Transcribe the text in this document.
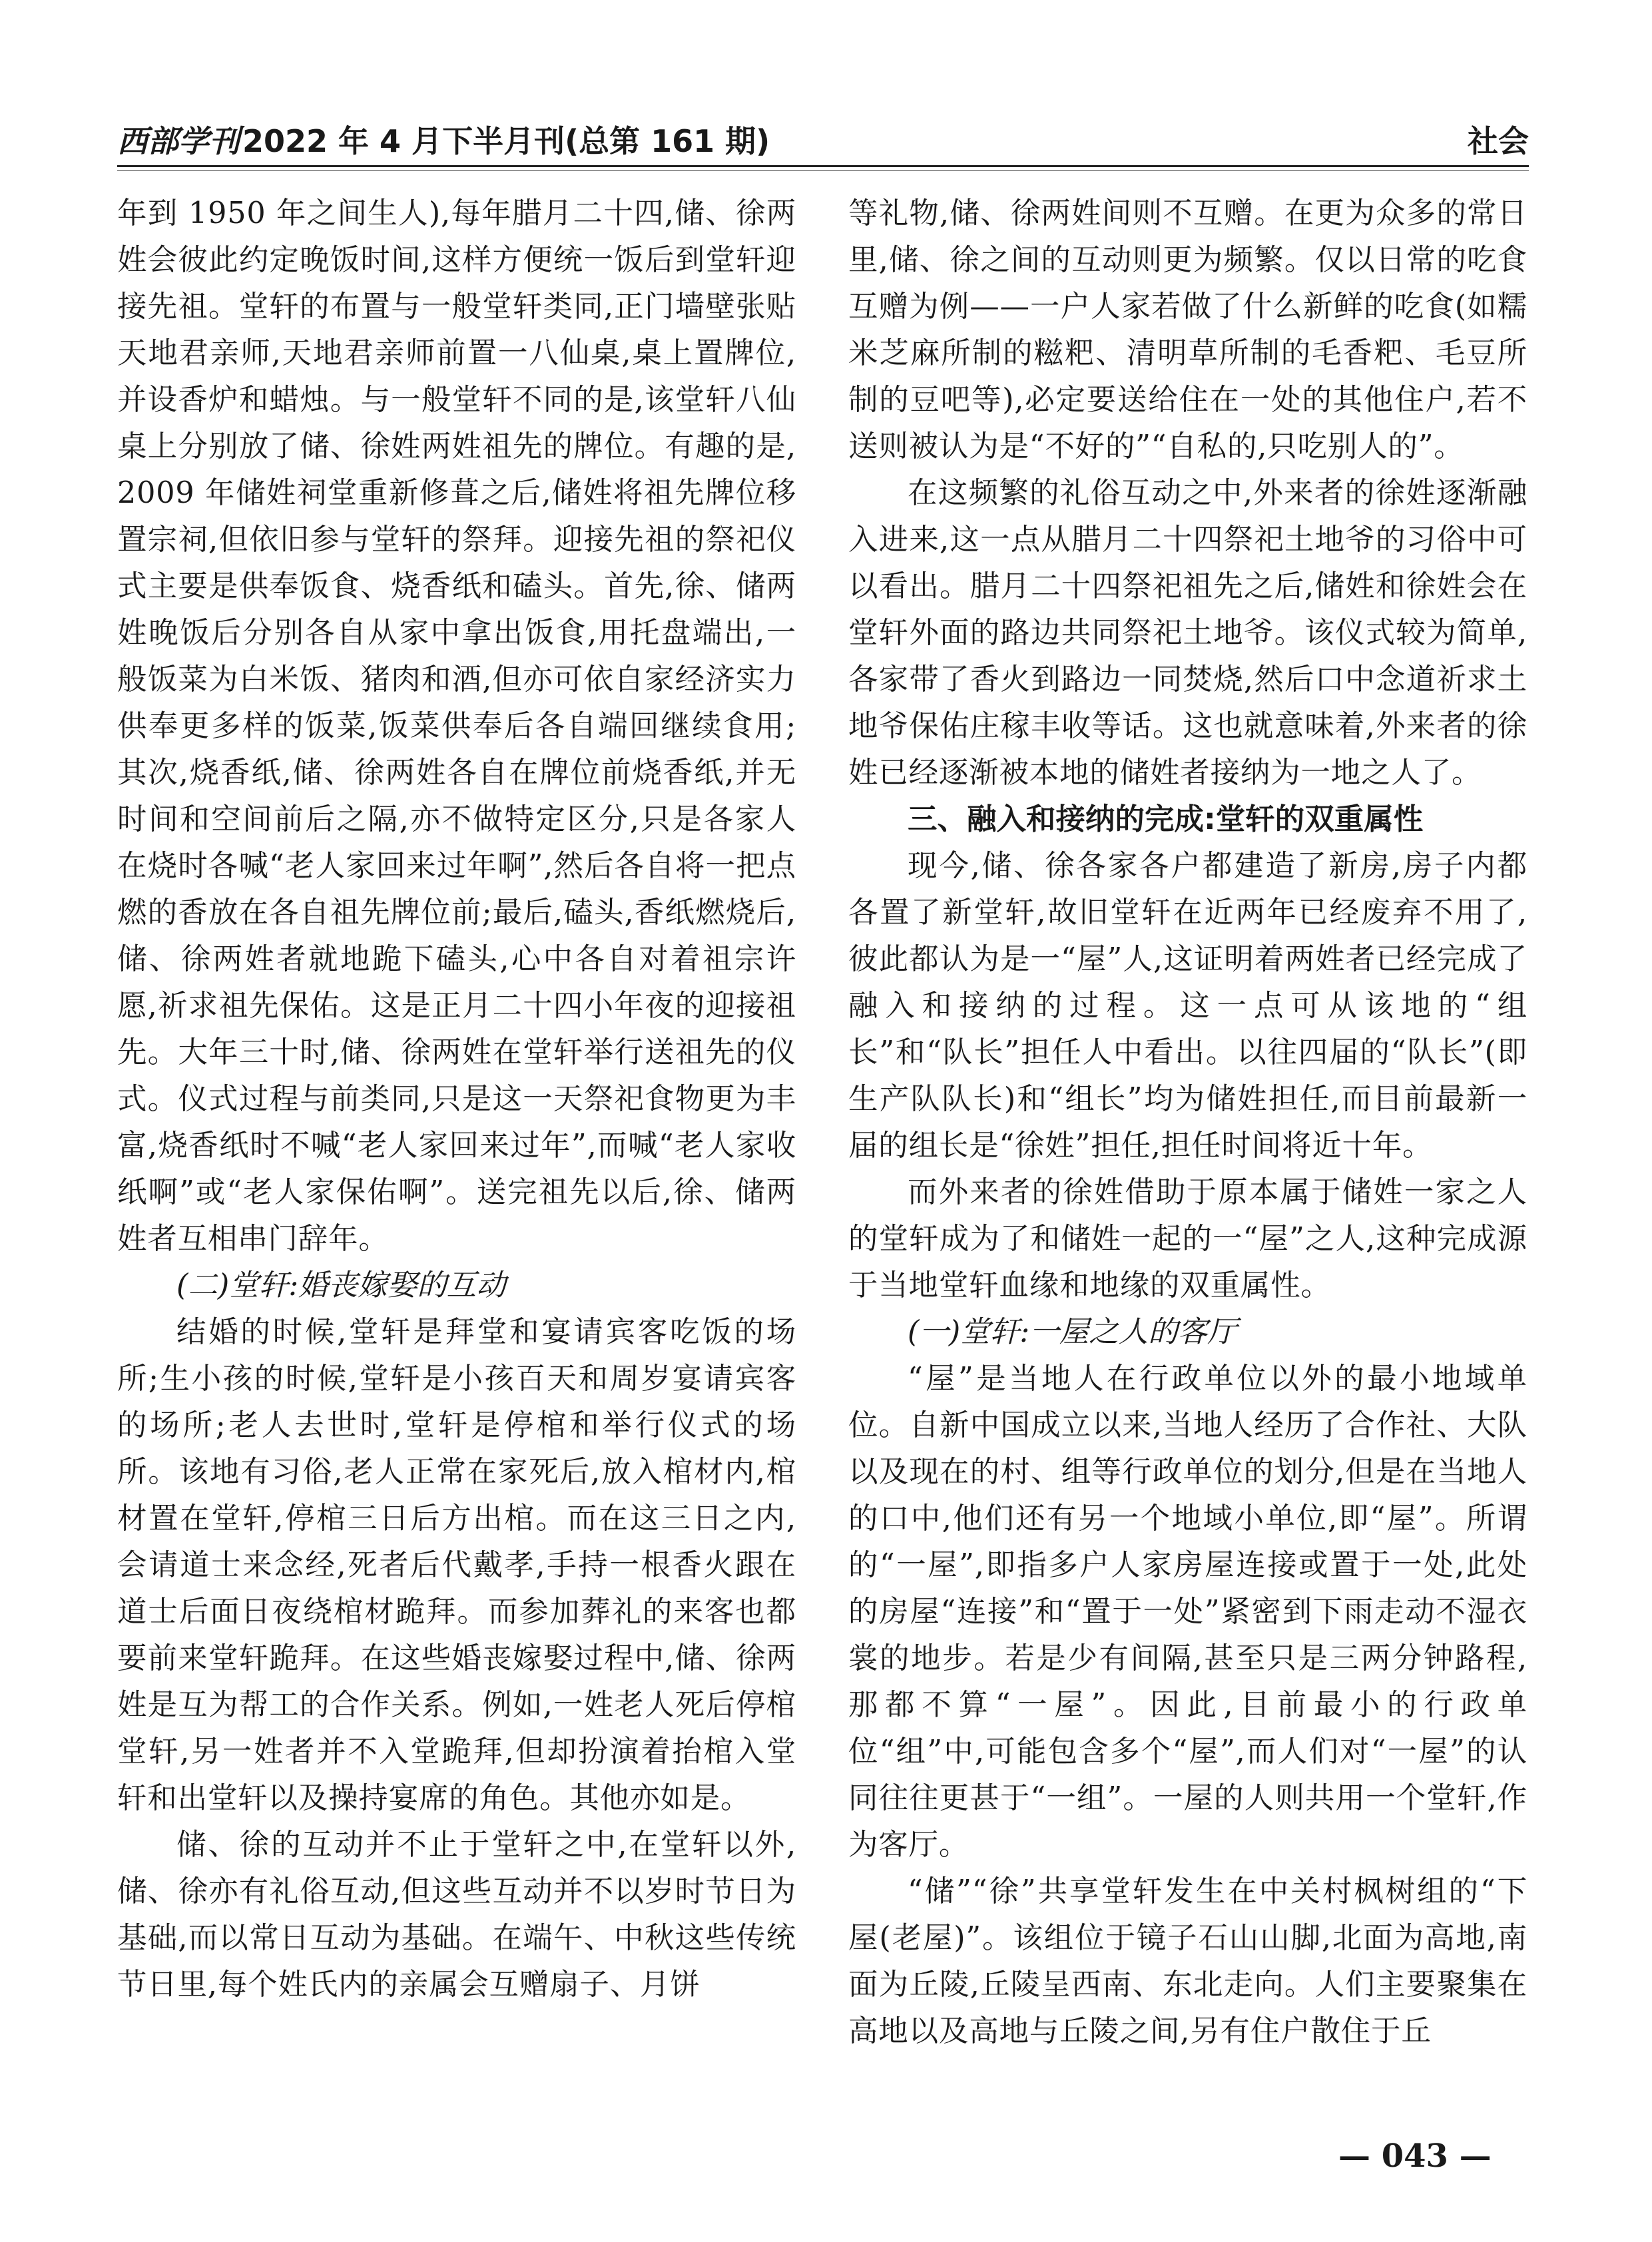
西部学刊2022 年 4 月下半月刊(总第 161 期)	社会

年到 1950 年之间生人),每年腊月二十四,储、徐两姓会彼此约定晚饭时间,这样方便统一饭后到堂轩迎接先祖。堂轩的布置与一般堂轩类同,正门墙壁张贴天地君亲师,天地君亲师前置一八仙桌,桌上置牌位,并设香炉和蜡烛。与一般堂轩不同的是,该堂轩八仙桌上分别放了储、徐姓两姓祖先的牌位。有趣的是,2009 年储姓祠堂重新修葺之后,储姓将祖先牌位移置宗祠,但依旧参与堂轩的祭拜。迎接先祖的祭祀仪式主要是供奉饭食、烧香纸和磕头。首先,徐、储两姓晚饭后分别各自从家中拿出饭食,用托盘端出,一般饭菜为白米饭、猪肉和酒,但亦可依自家经济实力供奉更多样的饭菜,饭菜供奉后各自端回继续食用;其次,烧香纸,储、徐两姓各自在牌位前烧香纸,并无时间和空间前后之隔,亦不做特定区分,只是各家人在烧时各喊“老人家回来过年啊”,然后各自将一把点燃的香放在各自祖先牌位前;最后,磕头,香纸燃烧后,储、徐两姓者就地跪下磕头,心中各自对着祖宗许愿,祈求祖先保佑。这是正月二十四小年夜的迎接祖先。大年三十时,储、徐两姓在堂轩举行送祖先的仪式。仪式过程与前类同,只是这一天祭祀食物更为丰富,烧香纸时不喊“老人家回来过年”,而喊“老人家收纸啊”或“老人家保佑啊”。送完祖先以后,徐、储两姓者互相串门辞年。

(二)堂轩:婚丧嫁娶的互动

结婚的时候,堂轩是拜堂和宴请宾客吃饭的场所;生小孩的时候,堂轩是小孩百天和周岁宴请宾客的场所;老人去世时,堂轩是停棺和举行仪式的场所。该地有习俗,老人正常在家死后,放入棺材内,棺材置在堂轩,停棺三日后方出棺。而在这三日之内,会请道士来念经,死者后代戴孝,手持一根香火跟在道士后面日夜绕棺材跪拜。而参加葬礼的来客也都要前来堂轩跪拜。在这些婚丧嫁娶过程中,储、徐两姓是互为帮工的合作关系。例如,一姓老人死后停棺堂轩,另一姓者并不入堂跪拜,但却扮演着抬棺入堂轩和出堂轩以及操持宴席的角色。其他亦如是。

储、徐的互动并不止于堂轩之中,在堂轩以外,储、徐亦有礼俗互动,但这些互动并不以岁时节日为基础,而以常日互动为基础。在端午、中秋这些传统节日里,每个姓氏内的亲属会互赠扇子、月饼

等礼物,储、徐两姓间则不互赠。在更为众多的常日里,储、徐之间的互动则更为频繁。仅以日常的吃食互赠为例——一户人家若做了什么新鲜的吃食(如糯米芝麻所制的糍粑、清明草所制的毛香粑、毛豆所制的豆吧等),必定要送给住在一处的其他住户,若不送则被认为是“不好的”“自私的,只吃别人的”。

在这频繁的礼俗互动之中,外来者的徐姓逐渐融入进来,这一点从腊月二十四祭祀土地爷的习俗中可以看出。腊月二十四祭祀祖先之后,储姓和徐姓会在堂轩外面的路边共同祭祀土地爷。该仪式较为简单,各家带了香火到路边一同焚烧,然后口中念道祈求土地爷保佑庄稼丰收等话。这也就意味着,外来者的徐姓已经逐渐被本地的储姓者接纳为一地之人了。

三、融入和接纳的完成:堂轩的双重属性

现今,储、徐各家各户都建造了新房,房子内都各置了新堂轩,故旧堂轩在近两年已经废弃不用了,彼此都认为是一“屋”人,这证明着两姓者已经完成了融入和接纳的过程。这一点可从该地的“组长”和“队长”担任人中看出。以往四届的“队长”(即生产队队长)和“组长”均为储姓担任,而目前最新一届的组长是“徐姓”担任,担任时间将近十年。

而外来者的徐姓借助于原本属于储姓一家之人的堂轩成为了和储姓一起的一“屋”之人,这种完成源于当地堂轩血缘和地缘的双重属性。

(一)堂轩:一屋之人的客厅

“屋”是当地人在行政单位以外的最小地域单位。自新中国成立以来,当地人经历了合作社、大队以及现在的村、组等行政单位的划分,但是在当地人的口中,他们还有另一个地域小单位,即“屋”。所谓的“一屋”,即指多户人家房屋连接或置于一处,此处的房屋“连接”和“置于一处”紧密到下雨走动不湿衣裳的地步。若是少有间隔,甚至只是三两分钟路程,那都不算“一屋”。因此,目前最小的行政单位“组”中,可能包含多个“屋”,而人们对“一屋”的认同往往更甚于“一组”。一屋的人则共用一个堂轩,作为客厅。

“储”“徐”共享堂轩发生在中关村枫树组的“下屋(老屋)”。该组位于镜子石山山脚,北面为高地,南面为丘陵,丘陵呈西南、东北走向。人们主要聚集在高地以及高地与丘陵之间,另有住户散住于丘

— 043 —
